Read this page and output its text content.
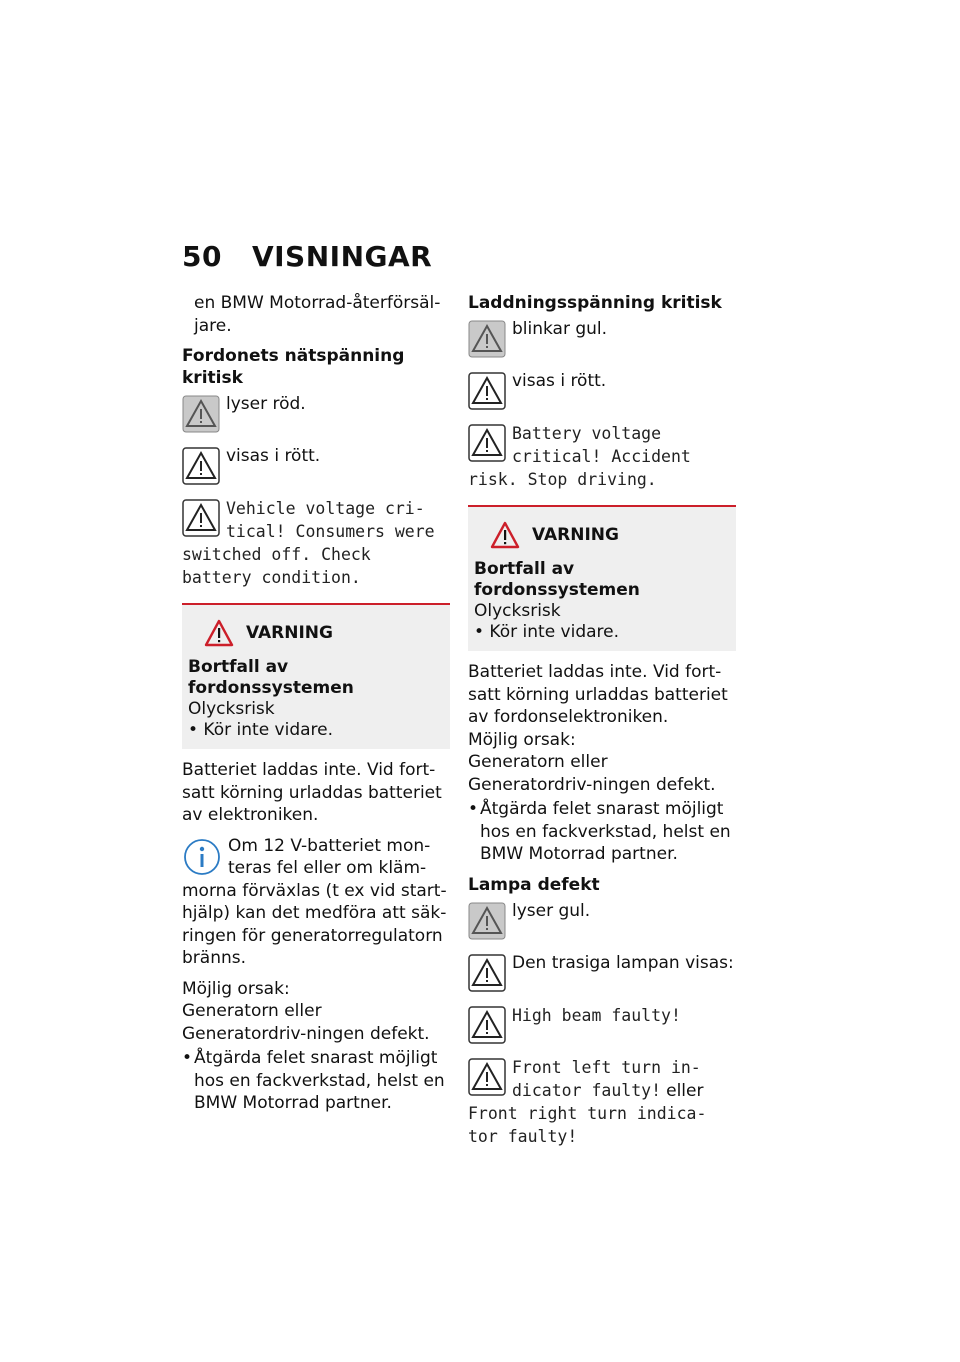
50 VISNINGAR
en BMW Motorrad-återförsäl-jare.
Fordonets nätspänning kritisk
lyser röd.
visas i rött.
Vehicle voltage cri-tical! Consumers were switched off. Check battery condition.
VARNING
Bortfall av fordonssystemen
Olycksrisk
• Kör inte vidare.
Batteriet laddas inte. Vid fort-satt körning urladdas batteriet av elektroniken.
Om 12 V-batteriet mon-teras fel eller om kläm-morna förväxlas (t ex vid start-hjälp) kan det medföra att säk-ringen för generatorregulatorn bränns.
Möjlig orsak:
Generatorn eller Generatordriv-ningen defekt.
• Åtgärda felet snarast möjligt hos en fackverkstad, helst en BMW Motorrad partner.
Laddningsspänning kritisk
blinkar gul.
visas i rött.
Battery voltage critical! Accident risk. Stop driving.
VARNING
Bortfall av fordonssystemen
Olycksrisk
• Kör inte vidare.
Batteriet laddas inte. Vid fort-satt körning urladdas batteriet av fordonselektroniken.
Möjlig orsak:
Generatorn eller Generatordriv-ningen defekt.
• Åtgärda felet snarast möjligt hos en fackverkstad, helst en BMW Motorrad partner.
Lampa defekt
lyser gul.
Den trasiga lampan visas:
High beam faulty!
Front left turn in-dicator faulty! eller Front right turn indica-tor faulty!
